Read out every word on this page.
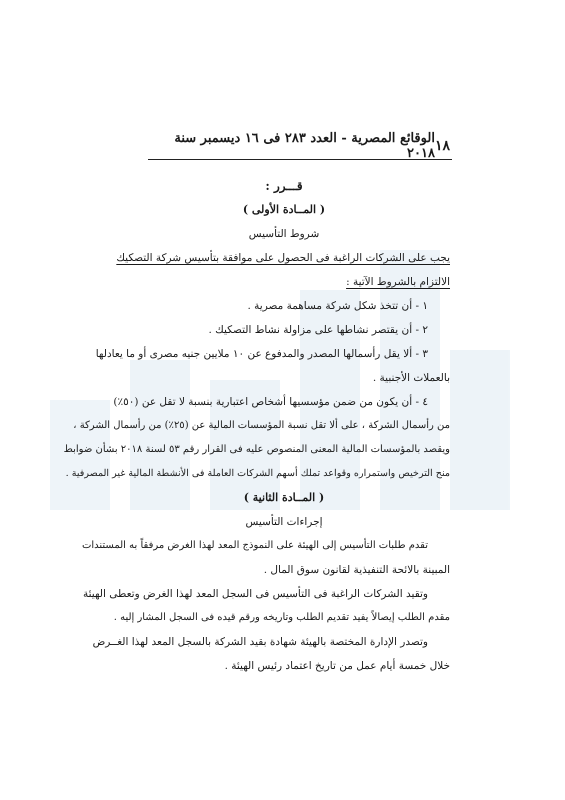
١٨
الوقائع المصرية - العدد ٢٨٣ فى ١٦ ديسمبر سنة ٢٠١٨
قـــرر :
( المــادة الأولى )
شروط التأسيس
يجب على الشركات الراغبة فى الحصول على موافقة بتأسيس شركة التصكيك
الالتزام بالشروط الآتية :
١ - أن تتخذ شكل شركة مساهمة مصرية .
٢ - أن يقتصر نشاطها على مزاولة نشاط التصكيك .
٣ - ألا يقل رأسمالها المصدر والمدفوع عن ١٠ ملايين جنيه مصرى أو ما يعادلها
بالعملات الأجنبية .
٤ - أن يكون من ضمن مؤسسيها أشخاص اعتبارية بنسبة لا تقل عن (٥٠٪)
من رأسمال الشركة ، على ألا تقل نسبة المؤسسات المالية عن (٢٥٪) من رأسمال الشركة ،
ويقصد بالمؤسسات المالية المعنى المنصوص عليه فى القرار رقم ٥٣ لسنة ٢٠١٨ بشأن ضوابط
منح الترخيص واستمراره وقواعد تملك أسهم الشركات العاملة فى الأنشطة المالية غير المصرفية .
( المــادة الثانية )
إجراءات التأسيس
تقدم طلبات التأسيس إلى الهيئة على النموذج المعد لهذا الغرض مرفقاً به المستندات
المبينة بالائحة التنفيذية لقانون سوق المال .
وتقيد الشركات الراغبة فى التأسيس فى السجل المعد لهذا الغرض وتعطى الهيئة
مقدم الطلب إيصالاً يفيد تقديم الطلب وتاريخه ورقم قيده فى السجل المشار إليه .
وتصدر الإدارة المختصة بالهيئة شهادة بقيد الشركة بالسجل المعد لهذا الغــرض
خلال خمسة أيام عمل من تاريخ اعتماد رئيس الهيئة .
